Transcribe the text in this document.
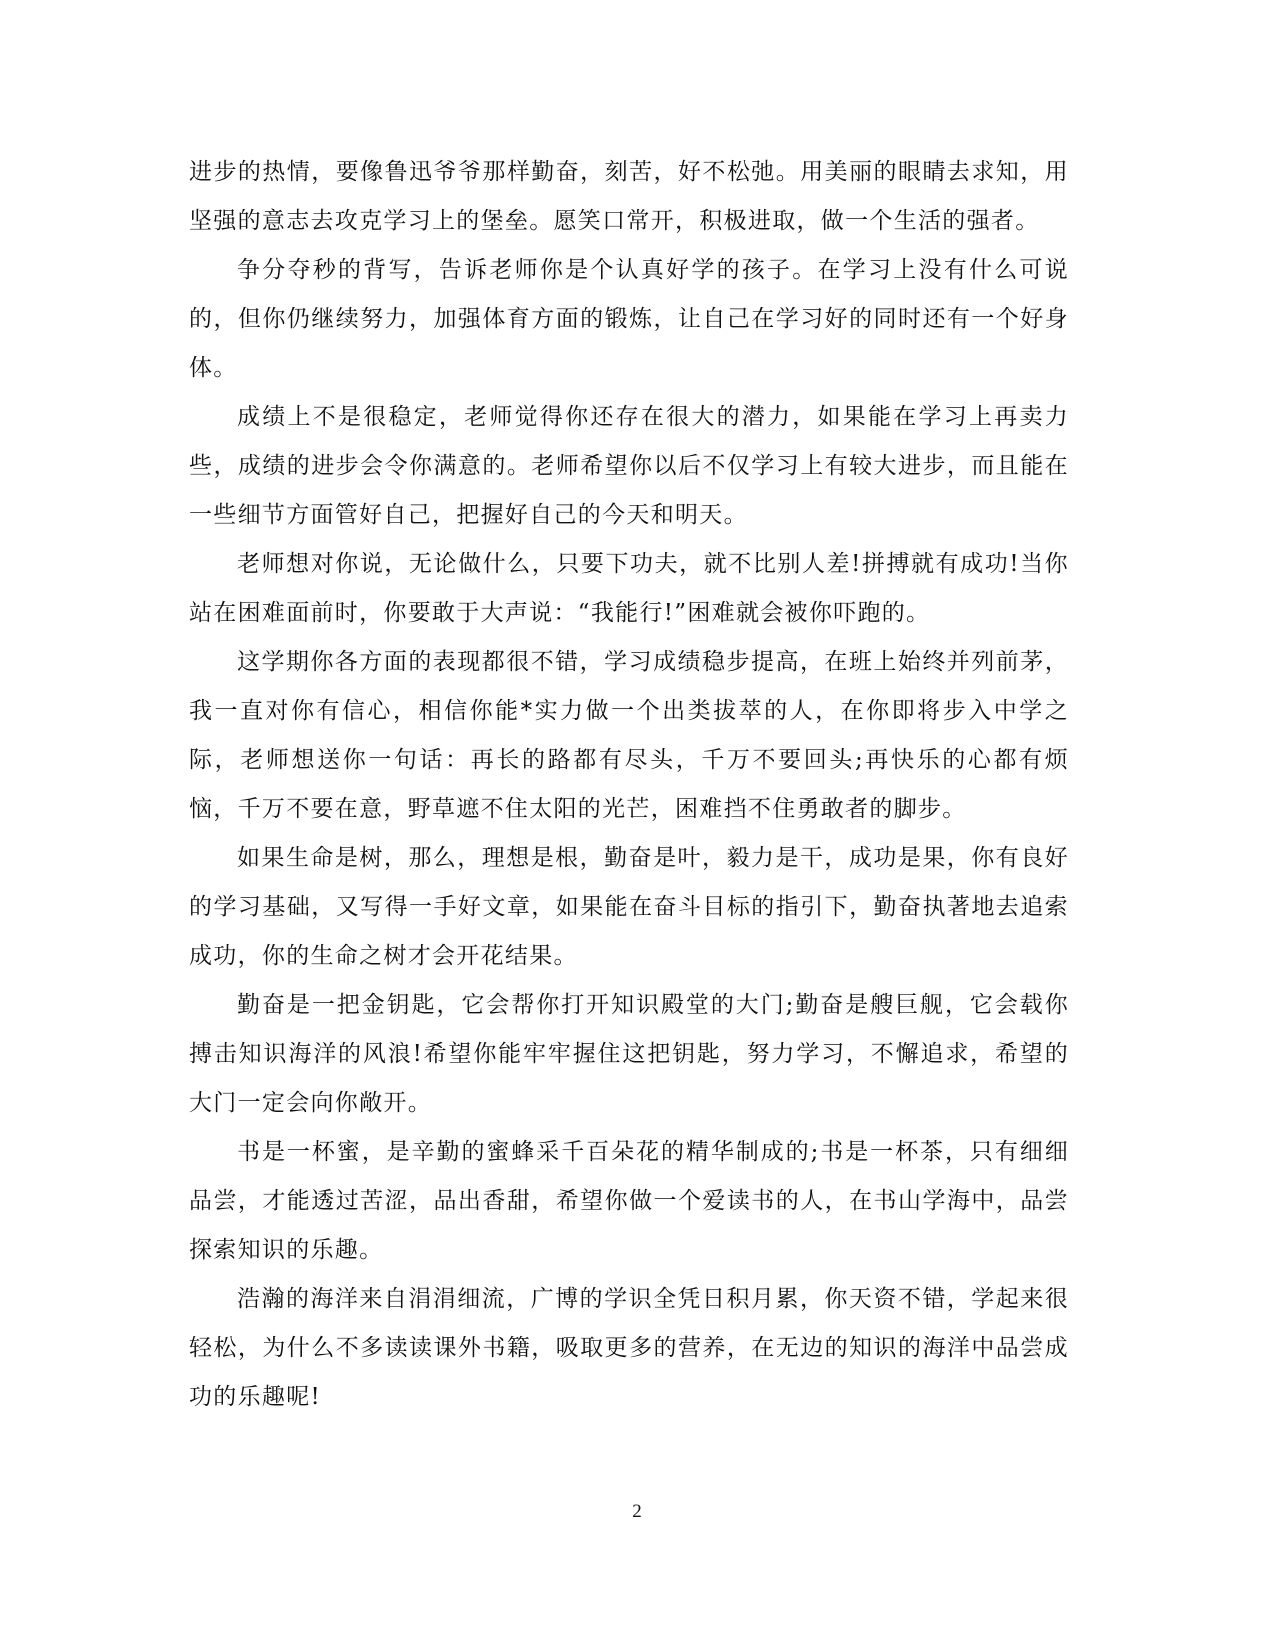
进步的热情，要像鲁迅爷爷那样勤奋，刻苦，好不松弛。用美丽的眼睛去求知，用坚强的意志去攻克学习上的堡垒。愿笑口常开，积极进取，做一个生活的强者。

争分夺秒的背写，告诉老师你是个认真好学的孩子。在学习上没有什么可说的，但你仍继续努力，加强体育方面的锻炼，让自己在学习好的同时还有一个好身体。

成绩上不是很稳定，老师觉得你还存在很大的潜力，如果能在学习上再卖力些，成绩的进步会令你满意的。老师希望你以后不仅学习上有较大进步，而且能在一些细节方面管好自己，把握好自己的今天和明天。

老师想对你说，无论做什么，只要下功夫，就不比别人差!拼搏就有成功!当你站在困难面前时，你要敢于大声说：“我能行!”困难就会被你吓跑的。

这学期你各方面的表现都很不错，学习成绩稳步提高，在班上始终并列前茅，我一直对你有信心，相信你能*实力做一个出类拔萃的人，在你即将步入中学之际，老师想送你一句话：再长的路都有尽头，千万不要回头;再快乐的心都有烦恼，千万不要在意，野草遮不住太阳的光芒，困难挡不住勇敢者的脚步。

如果生命是树，那么，理想是根，勤奋是叶，毅力是干，成功是果，你有良好的学习基础，又写得一手好文章，如果能在奋斗目标的指引下，勤奋执著地去追索成功，你的生命之树才会开花结果。

勤奋是一把金钥匙，它会帮你打开知识殿堂的大门;勤奋是艘巨舰，它会载你搏击知识海洋的风浪!希望你能牢牢握住这把钥匙，努力学习，不懈追求，希望的大门一定会向你敞开。

书是一杯蜜，是辛勤的蜜蜂采千百朵花的精华制成的;书是一杯茶，只有细细品尝，才能透过苦涩，品出香甜，希望你做一个爱读书的人，在书山学海中，品尝探索知识的乐趣。

浩瀚的海洋来自涓涓细流，广博的学识全凭日积月累，你天资不错，学起来很轻松，为什么不多读读课外书籍，吸取更多的营养，在无边的知识的海洋中品尝成功的乐趣呢!

2
